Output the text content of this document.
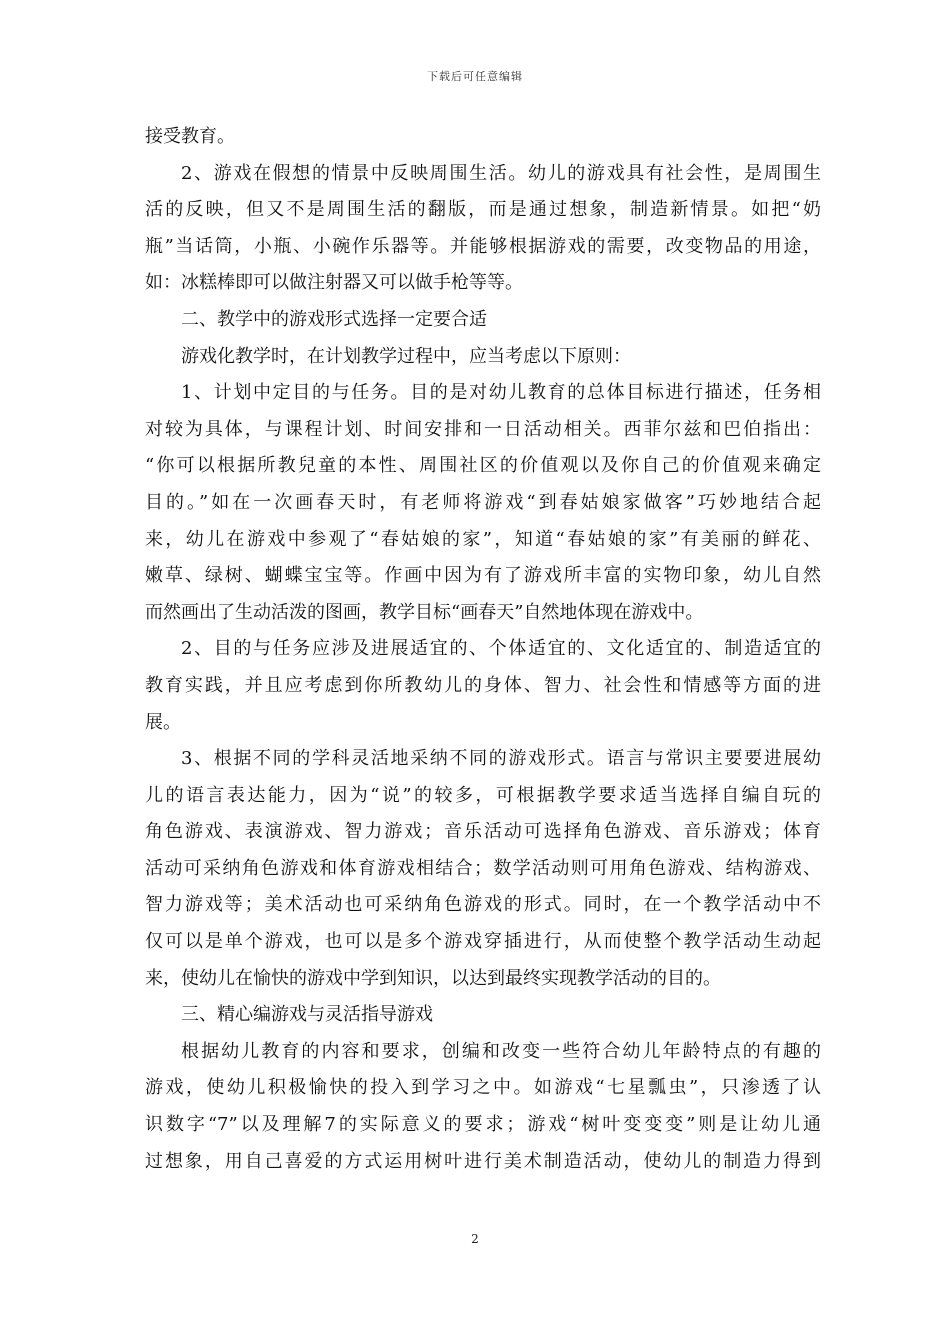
下载后可任意编辑
接受教育。
2、游戏在假想的情景中反映周围生活。幼儿的游戏具有社会性，是周围生
活的反映，但又不是周围生活的翻版，而是通过想象，制造新情景。如把“奶
瓶”当话筒，小瓶、小碗作乐器等。并能够根据游戏的需要，改变物品的用途，
如：冰糕棒即可以做注射器又可以做手枪等等。
二、教学中的游戏形式选择一定要合适
游戏化教学时，在计划教学过程中，应当考虑以下原则：
1、计划中定目的与任务。目的是对幼儿教育的总体目标进行描述，任务相
对较为具体，与课程计划、时间安排和一日活动相关。西菲尔兹和巴伯指出：
“你可以根据所教兒童的本性、周围社区的价值观以及你自己的价值观来确定
目的。”如在一次画春天时，有老师将游戏“到春姑娘家做客”巧妙地结合起
来，幼儿在游戏中参观了“春姑娘的家”，知道“春姑娘的家”有美丽的鲜花、
嫩草、绿树、蝴蝶宝宝等。作画中因为有了游戏所丰富的实物印象，幼儿自然
而然画出了生动活泼的图画，教学目标“画春天”自然地体现在游戏中。
2、目的与任务应涉及进展适宜的、个体适宜的、文化适宜的、制造适宜的
教育实践，并且应考虑到你所教幼儿的身体、智力、社会性和情感等方面的进
展。
3、根据不同的学科灵活地采纳不同的游戏形式。语言与常识主要要进展幼
儿的语言表达能力，因为“说”的较多，可根据教学要求适当选择自编自玩的
角色游戏、表演游戏、智力游戏；音乐活动可选择角色游戏、音乐游戏；体育
活动可采纳角色游戏和体育游戏相结合；数学活动则可用角色游戏、结构游戏、
智力游戏等；美术活动也可采纳角色游戏的形式。同时，在一个教学活动中不
仅可以是单个游戏，也可以是多个游戏穿插进行，从而使整个教学活动生动起
来，使幼儿在愉快的游戏中学到知识，以达到最终实现教学活动的目的。
三、精心编游戏与灵活指导游戏
根据幼儿教育的内容和要求，创编和改变一些符合幼儿年龄特点的有趣的
游戏，使幼儿积极愉快的投入到学习之中。如游戏“七星瓢虫”，只渗透了认
识数字“7”以及理解7的实际意义的要求；游戏“树叶变变变”则是让幼儿通
过想象，用自己喜爱的方式运用树叶进行美术制造活动，使幼儿的制造力得到
2
